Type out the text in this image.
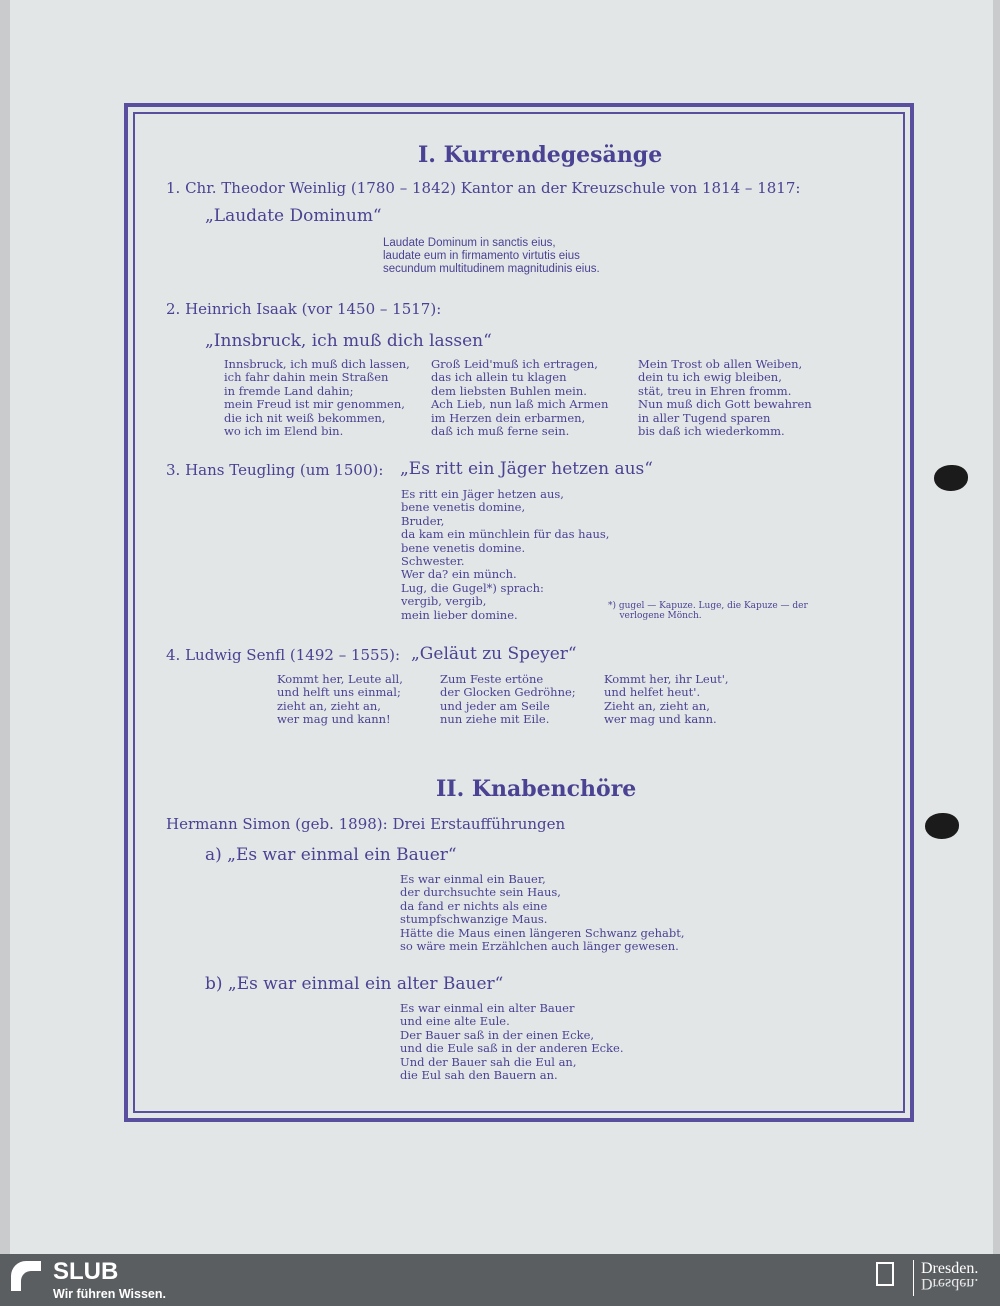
I. Kurrendegesänge
1. Chr. Theodor Weinlig (1780 – 1842) Kantor an der Kreuzschule von 1814 – 1817:
„Laudate Dominum“
Laudate Dominum in sanctis eius,
laudate eum in firmamento virtutis eius
secundum multitudinem magnitudinis eius.
2. Heinrich Isaak (vor 1450 – 1517):
„Innsbruck, ich muß dich lassen“
Innsbruck, ich muß dich lassen,
ich fahr dahin mein Straßen
in fremde Land dahin;
mein Freud ist mir genommen,
die ich nit weiß bekommen,
wo ich im Elend bin.
Groß Leid'muß ich ertragen,
das ich allein tu klagen
dem liebsten Buhlen mein.
Ach Lieb, nun laß mich Armen
im Herzen dein erbarmen,
daß ich muß ferne sein.
Mein Trost ob allen Weiben,
dein tu ich ewig bleiben,
stät, treu in Ehren fromm.
Nun muß dich Gott bewahren
in aller Tugend sparen
bis daß ich wiederkomm.
3. Hans Teugling (um 1500): „Es ritt ein Jäger hetzen aus“
Es ritt ein Jäger hetzen aus,
bene venetis domine,
Bruder,
da kam ein münchlein für das haus,
bene venetis domine.
Schwester.
Wer da? ein münch.
Lug, die Gugel*) sprach:
vergib, vergib,
mein lieber domine.
*) gugel — Kapuze. Luge, die Kapuze — der
verlogene Mönch.
4. Ludwig Senfl (1492 – 1555): „Geläut zu Speyer“
Kommt her, Leute all,
und helft uns einmal;
zieht an, zieht an,
wer mag und kann!
Zum Feste ertöne
der Glocken Gedröhne;
und jeder am Seile
nun ziehe mit Eile.
Kommt her, ihr Leut',
und helfet heut'.
Zieht an, zieht an,
wer mag und kann.
II. Knabenchöre
Hermann Simon (geb. 1898): Drei Erstaufführungen
a) „Es war einmal ein Bauer“
Es war einmal ein Bauer,
der durchsuchte sein Haus,
da fand er nichts als eine
stumpfschwanzige Maus.
Hätte die Maus einen längeren Schwanz gehabt,
so wäre mein Erzählchen auch länger gewesen.
b) „Es war einmal ein alter Bauer“
Es war einmal ein alter Bauer
und eine alte Eule.
Der Bauer saß in der einen Ecke,
und die Eule saß in der anderen Ecke.
Und der Bauer sah die Eul an,
die Eul sah den Bauern an.
SLUB
Wir führen Wissen.
Dresden.
Dresden.
